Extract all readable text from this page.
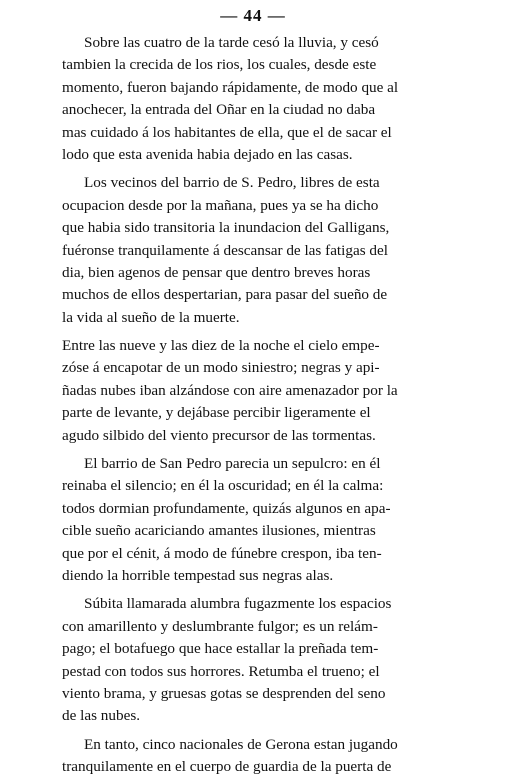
— 44 —
Sobre las cuatro de la tarde cesó la lluvia, y cesó
tambien la crecida de los rios, los cuales, desde este
momento, fueron bajando rápidamente, de modo que al
anochecer, la entrada del Oñar en la ciudad no daba
mas cuidado á los habitantes de ella, que el de sacar el
lodo que esta avenida habia dejado en las casas.
Los vecinos del barrio de S. Pedro, libres de esta
ocupacion desde por la mañana, pues ya se ha dicho
que habia sido transitoria la inundacion del Galligans,
fuéronse tranquilamente á descansar de las fatigas del
dia, bien agenos de pensar que dentro breves horas
muchos de ellos despertarian, para pasar del sueño de
la vida al sueño de la muerte.
Entre las nueve y las diez de la noche el cielo empe-
zóse á encapotar de un modo siniestro; negras y api-
ñadas nubes iban alzándose con aire amenazador por la
parte de levante, y dejábase percibir ligeramente el
agudo silbido del viento precursor de las tormentas.
El barrio de San Pedro parecia un sepulcro: en él
reinaba el silencio; en él la oscuridad; en él la calma:
todos dormian profundamente, quizás algunos en apa-
cible sueño acariciando amantes ilusiones, mientras
que por el cénit, á modo de fúnebre crespon, iba ten-
diendo la horrible tempestad sus negras alas.
Súbita llamarada alumbra fugazmente los espacios
con amarillento y deslumbrante fulgor; es un relám-
pago; el botafuego que hace estallar la preñada tem-
pestad con todos sus horrores. Retumba el trueno; el
viento brama, y gruesas gotas se desprenden del seno
de las nubes.
En tanto, cinco nacionales de Gerona estan jugando
tranquilamente en el cuerpo de guardia de la puerta de
